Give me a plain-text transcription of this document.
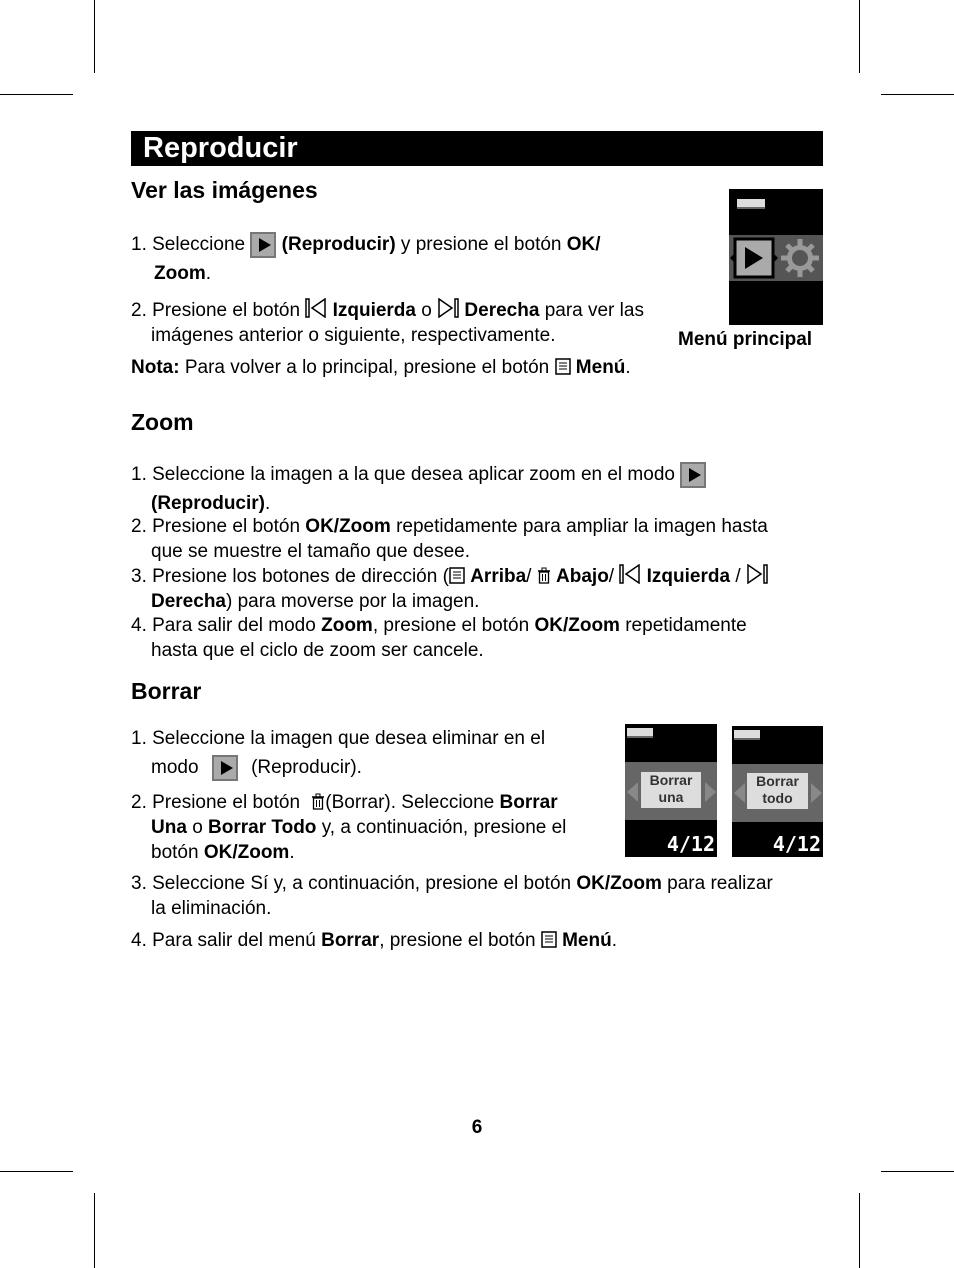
Reproducir
Ver las imágenes
1. Seleccione (Reproducir) y presione el botón OK/
Zoom.
2. Presione el botón Izquierda o Derecha para ver las
imágenes anterior o siguiente, respectivamente.
Nota: Para volver a lo principal, presione el botón Menú.
Menú principal
Zoom
1. Seleccione la imagen a la que desea aplicar zoom en el modo
(Reproducir).
2. Presione el botón OK/Zoom repetidamente para ampliar la imagen hasta
que se muestre el tamaño que desee.
3. Presione los botones de dirección ( Arriba/ Abajo/ Izquierda /
Derecha) para moverse por la imagen.
4. Para salir del modo Zoom, presione el botón OK/Zoom repetidamente
hasta que el ciclo de zoom ser cancele.
Borrar
1. Seleccione la imagen que desea eliminar en el
modo	(Reproducir).
2. Presione el botón (Borrar). Seleccione Borrar
Una o Borrar Todo y, a continuación, presione el
botón OK/Zoom.
3. Seleccione Sí y, a continuación, presione el botón OK/Zoom para realizar
la eliminación.
4. Para salir del menú Borrar, presione el botón Menú.
Borrar
una
4/12
Borrar
todo
4/12
6
